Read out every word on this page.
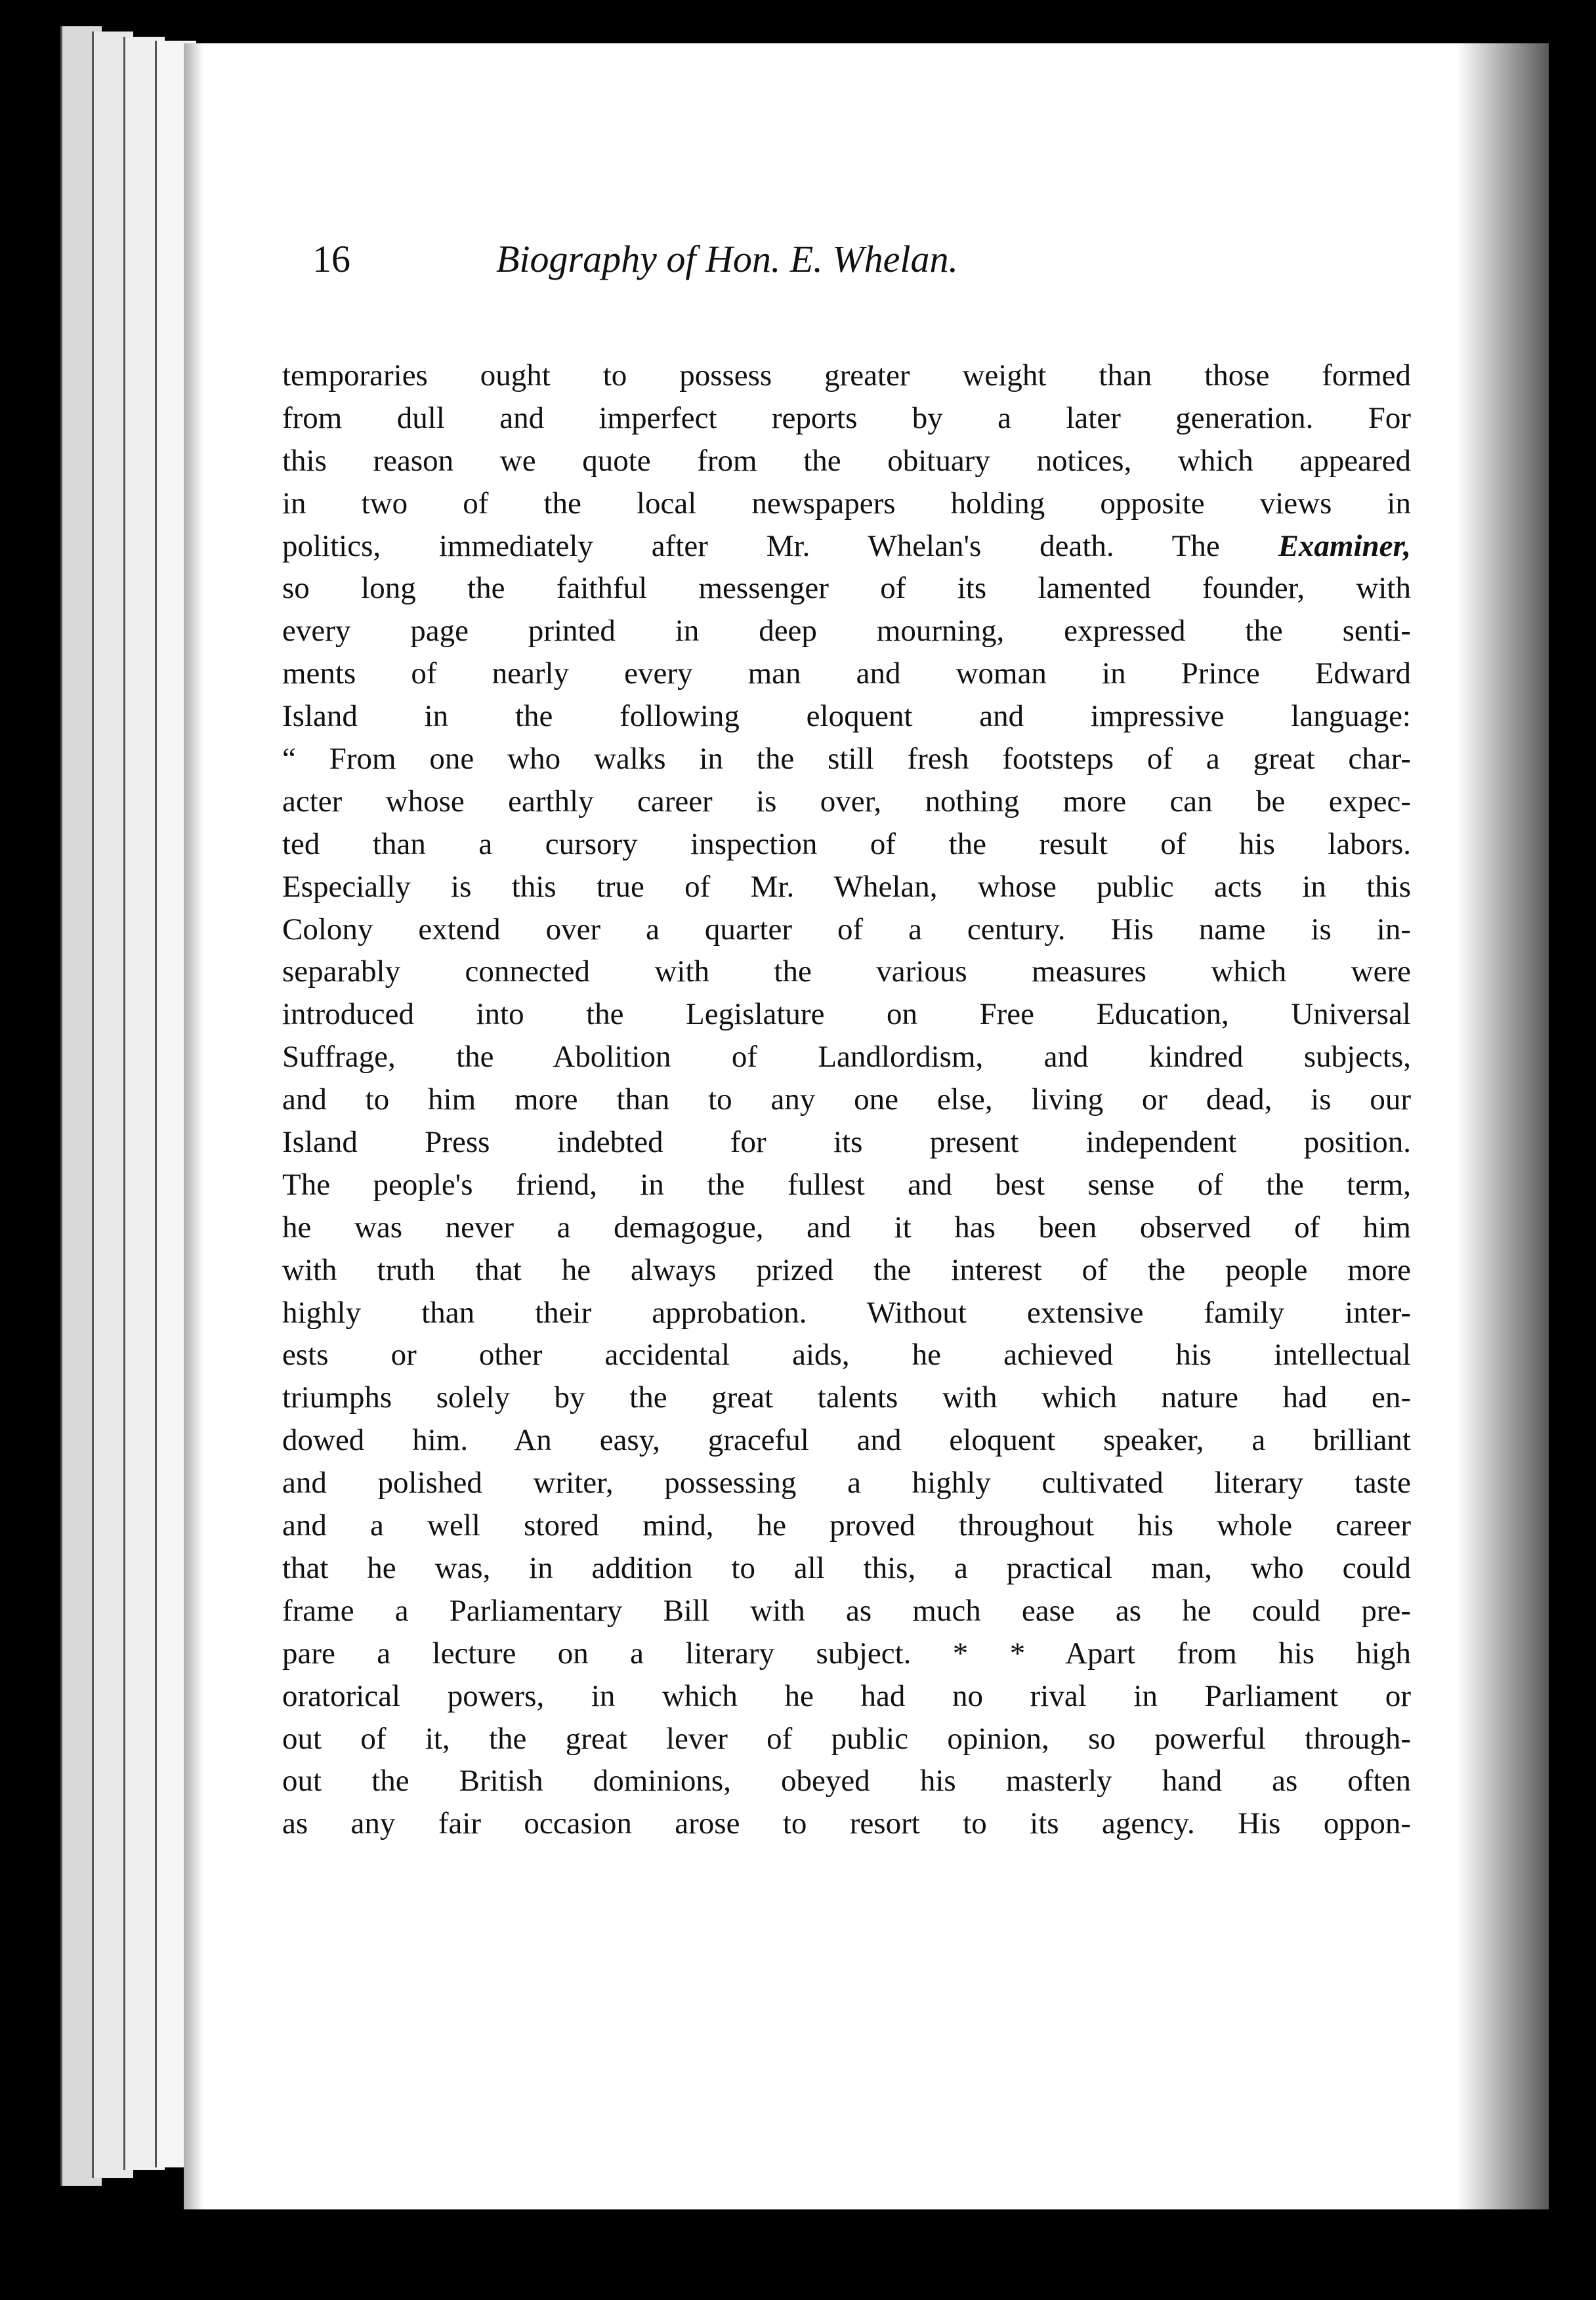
16	Biography of Hon. E. Whelan.
temporaries ought to possess greater weight than those formed
from dull and imperfect reports by a later generation. For
this reason we quote from the obituary notices, which appeared
in two of the local newspapers holding opposite views in
politics, immediately after Mr. Whelan's death. The Examiner,
so long the faithful messenger of its lamented founder, with
every page printed in deep mourning, expressed the senti-
ments of nearly every man and woman in Prince Edward
Island in the following eloquent and impressive language:
“ From one who walks in the still fresh footsteps of a great char-
acter whose earthly career is over, nothing more can be expec-
ted than a cursory inspection of the result of his labors.
Especially is this true of Mr. Whelan, whose public acts in this
Colony extend over a quarter of a century. His name is in-
separably connected with the various measures which were
introduced into the Legislature on Free Education, Universal
Suffrage, the Abolition of Landlordism, and kindred subjects,
and to him more than to any one else, living or dead, is our
Island Press indebted for its present independent position.
The people's friend, in the fullest and best sense of the term,
he was never a demagogue, and it has been observed of him
with truth that he always prized the interest of the people more
highly than their approbation. Without extensive family inter-
ests or other accidental aids, he achieved his intellectual
triumphs solely by the great talents with which nature had en-
dowed him. An easy, graceful and eloquent speaker, a brilliant
and polished writer, possessing a highly cultivated literary taste
and a well stored mind, he proved throughout his whole career
that he was, in addition to all this, a practical man, who could
frame a Parliamentary Bill with as much ease as he could pre-
pare a lecture on a literary subject. * * Apart from his high
oratorical powers, in which he had no rival in Parliament or
out of it, the great lever of public opinion, so powerful through-
out the British dominions, obeyed his masterly hand as often
as any fair occasion arose to resort to its agency. His oppon-
